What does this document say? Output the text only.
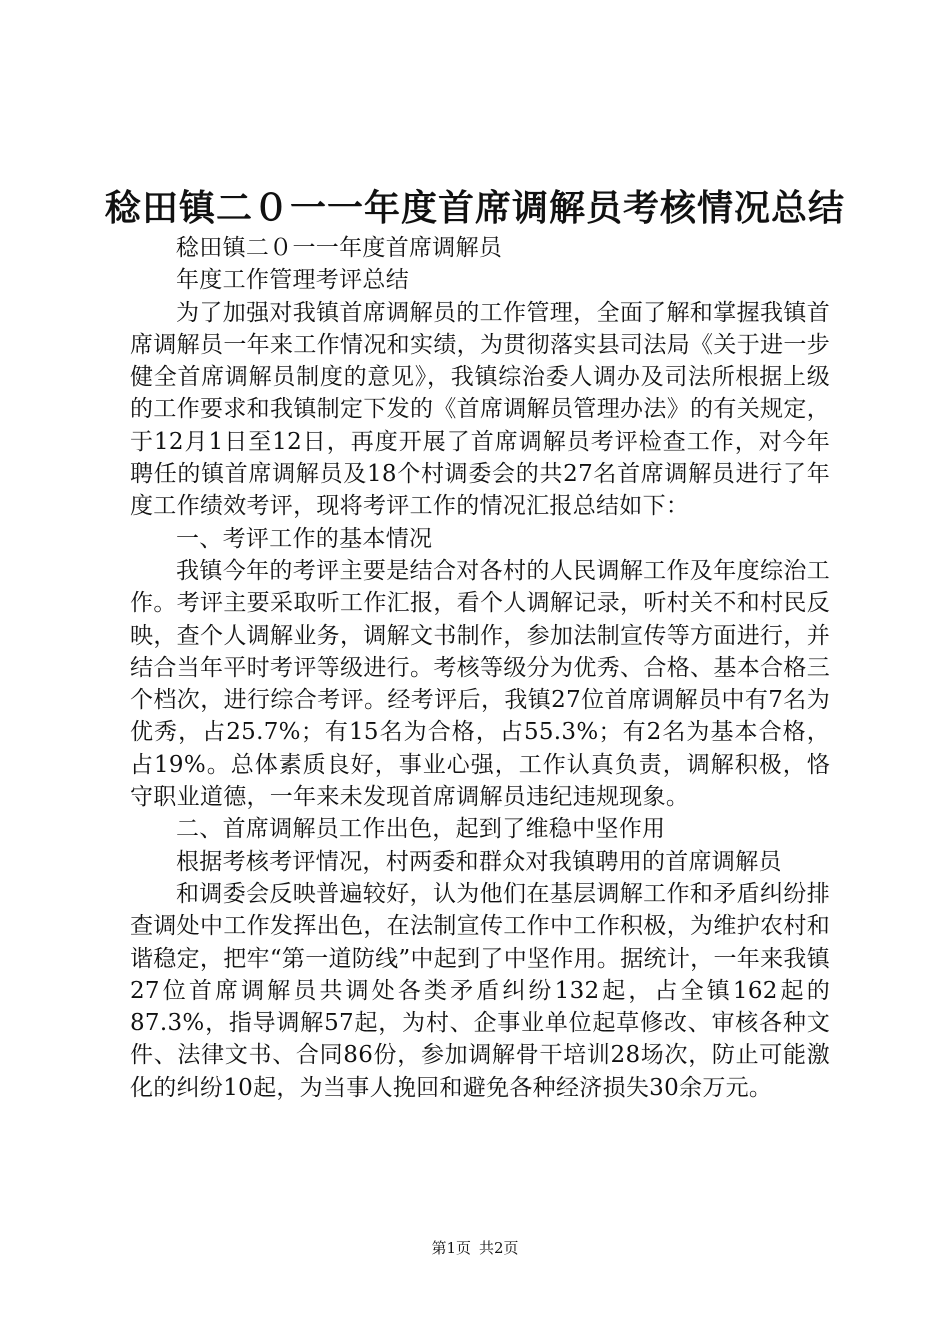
稔田镇二０一一年度首席调解员考核情况总结

稔田镇二０一一年度首席调解员

年度工作管理考评总结

为了加强对我镇首席调解员的工作管理，全面了解和掌握我镇首席调解员一年来工作情况和实绩，为贯彻落实县司法局《关于进一步健全首席调解员制度的意见》，我镇综治委人调办及司法所根据上级的工作要求和我镇制定下发的《首席调解员管理办法》的有关规定，于12月1日至12日，再度开展了首席调解员考评检查工作，对今年聘任的镇首席调解员及18个村调委会的共27名首席调解员进行了年度工作绩效考评，现将考评工作的情况汇报总结如下：

一、考评工作的基本情况

我镇今年的考评主要是结合对各村的人民调解工作及年度综治工作。考评主要采取听工作汇报，看个人调解记录，听村关不和村民反映，查个人调解业务，调解文书制作，参加法制宣传等方面进行，并结合当年平时考评等级进行。考核等级分为优秀、合格、基本合格三个档次，进行综合考评。经考评后，我镇27位首席调解员中有7名为优秀，占25.7%；有15名为合格，占55.3%；有2名为基本合格，占19%。总体素质良好，事业心强，工作认真负责，调解积极，恪守职业道德，一年来未发现首席调解员违纪违规现象。

二、首席调解员工作出色，起到了维稳中坚作用

根据考核考评情况，村两委和群众对我镇聘用的首席调解员

和调委会反映普遍较好，认为他们在基层调解工作和矛盾纠纷排查调处中工作发挥出色，在法制宣传工作中工作积极，为维护农村和谐稳定，把牢“第一道防线”中起到了中坚作用。据统计，一年来我镇27位首席调解员共调处各类矛盾纠纷132起，占全镇162起的87.3%，指导调解57起，为村、企事业单位起草修改、审核各种文件、法律文书、合同86份，参加调解骨干培训28场次，防止可能激化的纠纷10起，为当事人挽回和避免各种经济损失30余万元。

第1页 共2页
